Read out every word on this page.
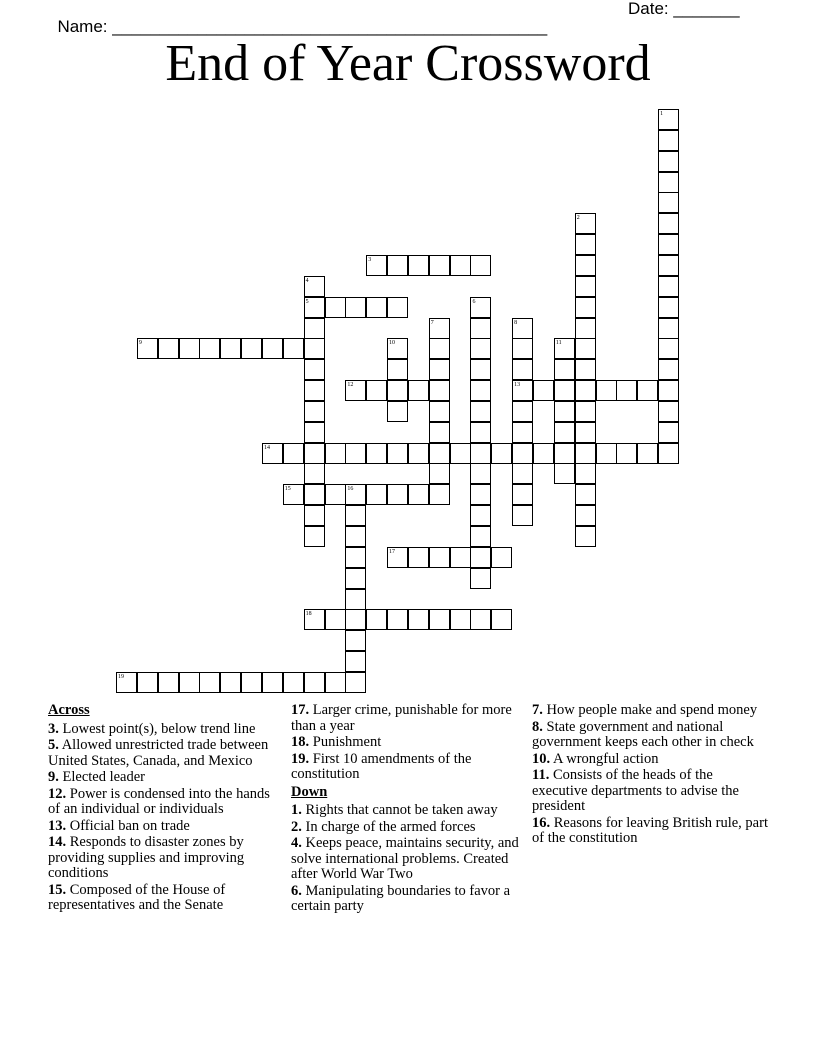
Name: ______________________________________________

Date: _______

End of Year Crossword
1
2
3
4
5	6
7	8
9	10	11
12	13
14
15	16
17
18
19

Across

3. Lowest point(s), below trend line

5. Allowed unrestricted trade between United States, Canada, and Mexico

9. Elected leader

12. Power is condensed into the hands of an individual or individuals

13. Official ban on trade

14. Responds to disaster zones by providing supplies and improving conditions

15. Composed of the House of representatives and the Senate

17. Larger crime, punishable for more than a year

18. Punishment

19. First 10 amendments of the constitution

Down

1. Rights that cannot be taken away

2. In charge of the armed forces

4. Keeps peace, maintains security, and solve international problems. Created after World War Two

6. Manipulating boundaries to favor a certain party

7. How people make and spend money

8. State government and national government keeps each other in check

10. A wrongful action

11. Consists of the heads of the executive departments to advise the president

16. Reasons for leaving British rule, part of the constitution
